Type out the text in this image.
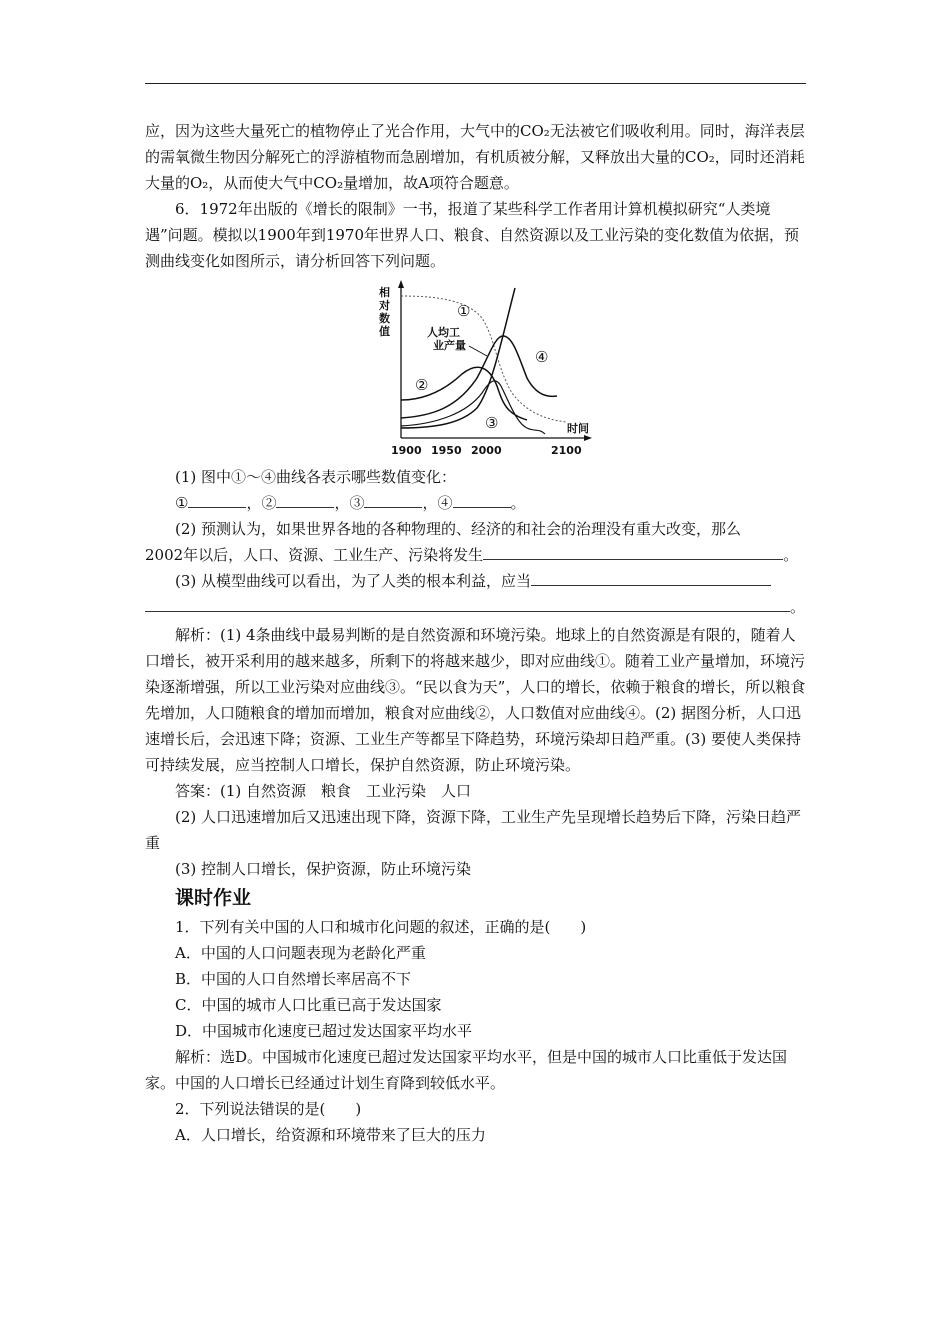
应，因为这些大量死亡的植物停止了光合作用，大气中的CO₂无法被它们吸收利用。同时，海洋表层的需氧微生物因分解死亡的浮游植物而急剧增加，有机质被分解，又释放出大量的CO₂，同时还消耗大量的O₂，从而使大气中CO₂量增加，故A项符合题意。

6．1972年出版的《增长的限制》一书，报道了某些科学工作者用计算机模拟研究“人类境遇”问题。模拟以1900年到1970年世界人口、粮食、自然资源以及工业污染的变化数值为依据，预测曲线变化如图所示，请分析回答下列问题。

相
对
数
值
时间
1900 1950 2000	2100
①
②
③
④
人均工
业产量

(1) 图中①～④曲线各表示哪些数值变化：

①	，②	，③	，④	。

(2) 预测认为，如果世界各地的各种物理的、经济的和社会的治理没有重大改变，那么

2002年以后，人口、资源、工业生产、污染将发生	。

(3) 从模型曲线可以看出，为了人类的根本利益，应当

。

解析：(1) 4条曲线中最易判断的是自然资源和环境污染。地球上的自然资源是有限的，随着人口增长，被开采利用的越来越多，所剩下的将越来越少，即对应曲线①。随着工业产量增加，环境污染逐渐增强，所以工业污染对应曲线③。“民以食为天”，人口的增长，依赖于粮食的增长，所以粮食先增加，人口随粮食的增加而增加，粮食对应曲线②，人口数值对应曲线④。(2) 据图分析，人口迅速增长后，会迅速下降；资源、工业生产等都呈下降趋势，环境污染却日趋严重。(3) 要使人类保持可持续发展，应当控制人口增长，保护自然资源，防止环境污染。

答案：(1) 自然资源　粮食　工业污染　人口

(2) 人口迅速增加后又迅速出现下降，资源下降，工业生产先呈现增长趋势后下降，污染日趋严重

(3) 控制人口增长，保护资源，防止环境污染

课时作业

1．下列有关中国的人口和城市化问题的叙述，正确的是(　　)

A．中国的人口问题表现为老龄化严重

B．中国的人口自然增长率居高不下

C．中国的城市人口比重已高于发达国家

D．中国城市化速度已超过发达国家平均水平

解析：选D。中国城市化速度已超过发达国家平均水平，但是中国的城市人口比重低于发达国家。中国的人口增长已经通过计划生育降到较低水平。

2．下列说法错误的是(　　)

A．人口增长，给资源和环境带来了巨大的压力
